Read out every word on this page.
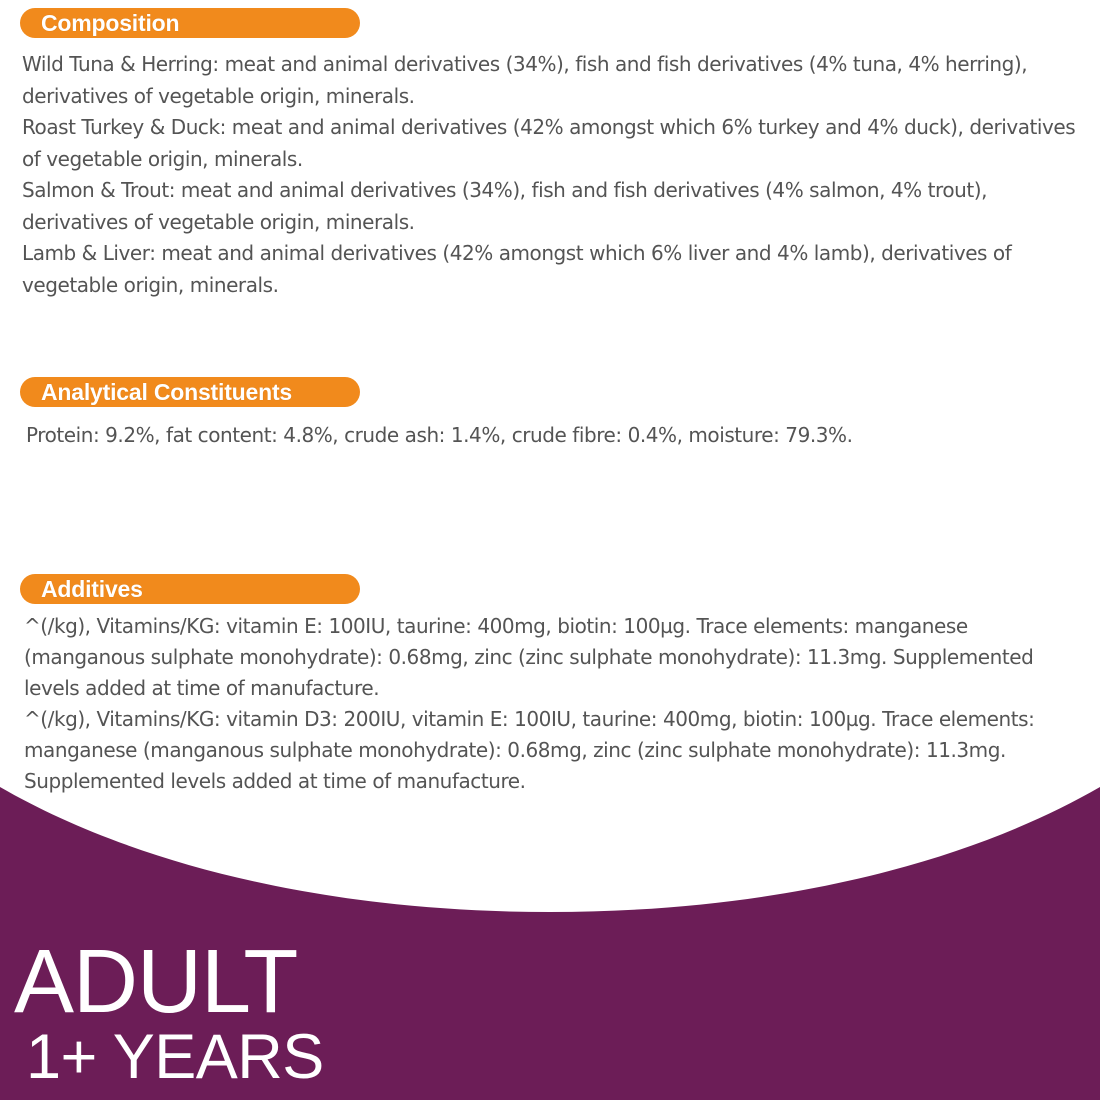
Composition

Wild Tuna & Herring: meat and animal derivatives (34%), fish and fish derivatives (4% tuna, 4% herring), derivatives of vegetable origin, minerals.

Roast Turkey & Duck: meat and animal derivatives (42% amongst which 6% turkey and 4% duck), derivatives of vegetable origin, minerals.

Salmon & Trout: meat and animal derivatives (34%), fish and fish derivatives (4% salmon, 4% trout), derivatives of vegetable origin, minerals.

Lamb & Liver: meat and animal derivatives (42% amongst which 6% liver and 4% lamb), derivatives of vegetable origin, minerals.

Analytical Constituents

Protein: 9.2%, fat content: 4.8%, crude ash: 1.4%, crude fibre: 0.4%, moisture: 79.3%.

Additives

^(/kg), Vitamins/KG: vitamin E: 100IU, taurine: 400mg, biotin: 100µg. Trace elements: manganese (manganous sulphate monohydrate): 0.68mg, zinc (zinc sulphate monohydrate): 11.3mg. Supplemented levels added at time of manufacture.

^(/kg), Vitamins/KG: vitamin D3: 200IU, vitamin E: 100IU, taurine: 400mg, biotin: 100µg. Trace elements: manganese (manganous sulphate monohydrate): 0.68mg, zinc (zinc sulphate monohydrate): 11.3mg. Supplemented levels added at time of manufacture.

ADULT
1+ YEARS
